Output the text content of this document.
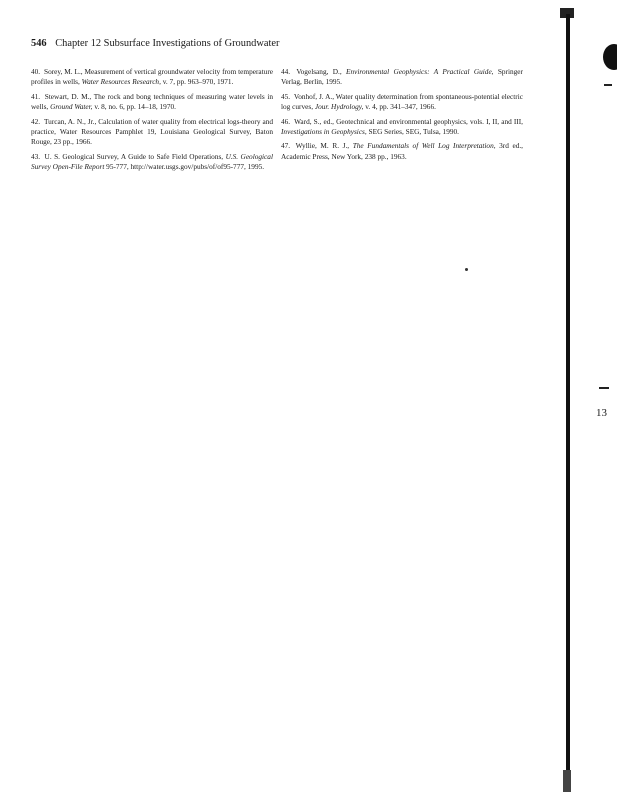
546 Chapter 12 Subsurface Investigations of Groundwater

40. Sorey, M. L., Measurement of vertical groundwater velocity from temperature profiles in wells, Water Resources Research, v. 7, pp. 963–970, 1971.

41. Stewart, D. M., The rock and bong techniques of measuring water levels in wells, Ground Water, v. 8, no. 6, pp. 14–18, 1970.

42. Turcan, A. N., Jr., Calculation of water quality from electrical logs-theory and practice, Water Resources Pamphlet 19, Louisiana Geological Survey, Baton Rouge, 23 pp., 1966.

43. U. S. Geological Survey, A Guide to Safe Field Operations, U.S. Geological Survey Open-File Report 95-777, http://water.usgs.gov/pubs/of/of95-777, 1995.

44. Vogelsang, D., Environmental Geophysics: A Practical Guide, Springer Verlag, Berlin, 1995.

45. Vonhof, J. A., Water quality determination from spontaneous-potential electric log curves, Jour. Hydrology, v. 4, pp. 341–347, 1966.

46. Ward, S., ed., Geotechnical and environmental geophysics, vols. I, II, and III, Investigations in Geophysics, SEG Series, SEG, Tulsa, 1990.

47. Wyllie, M. R. J., The Fundamentals of Well Log Interpretation, 3rd ed., Academic Press, New York, 238 pp., 1963.

13
